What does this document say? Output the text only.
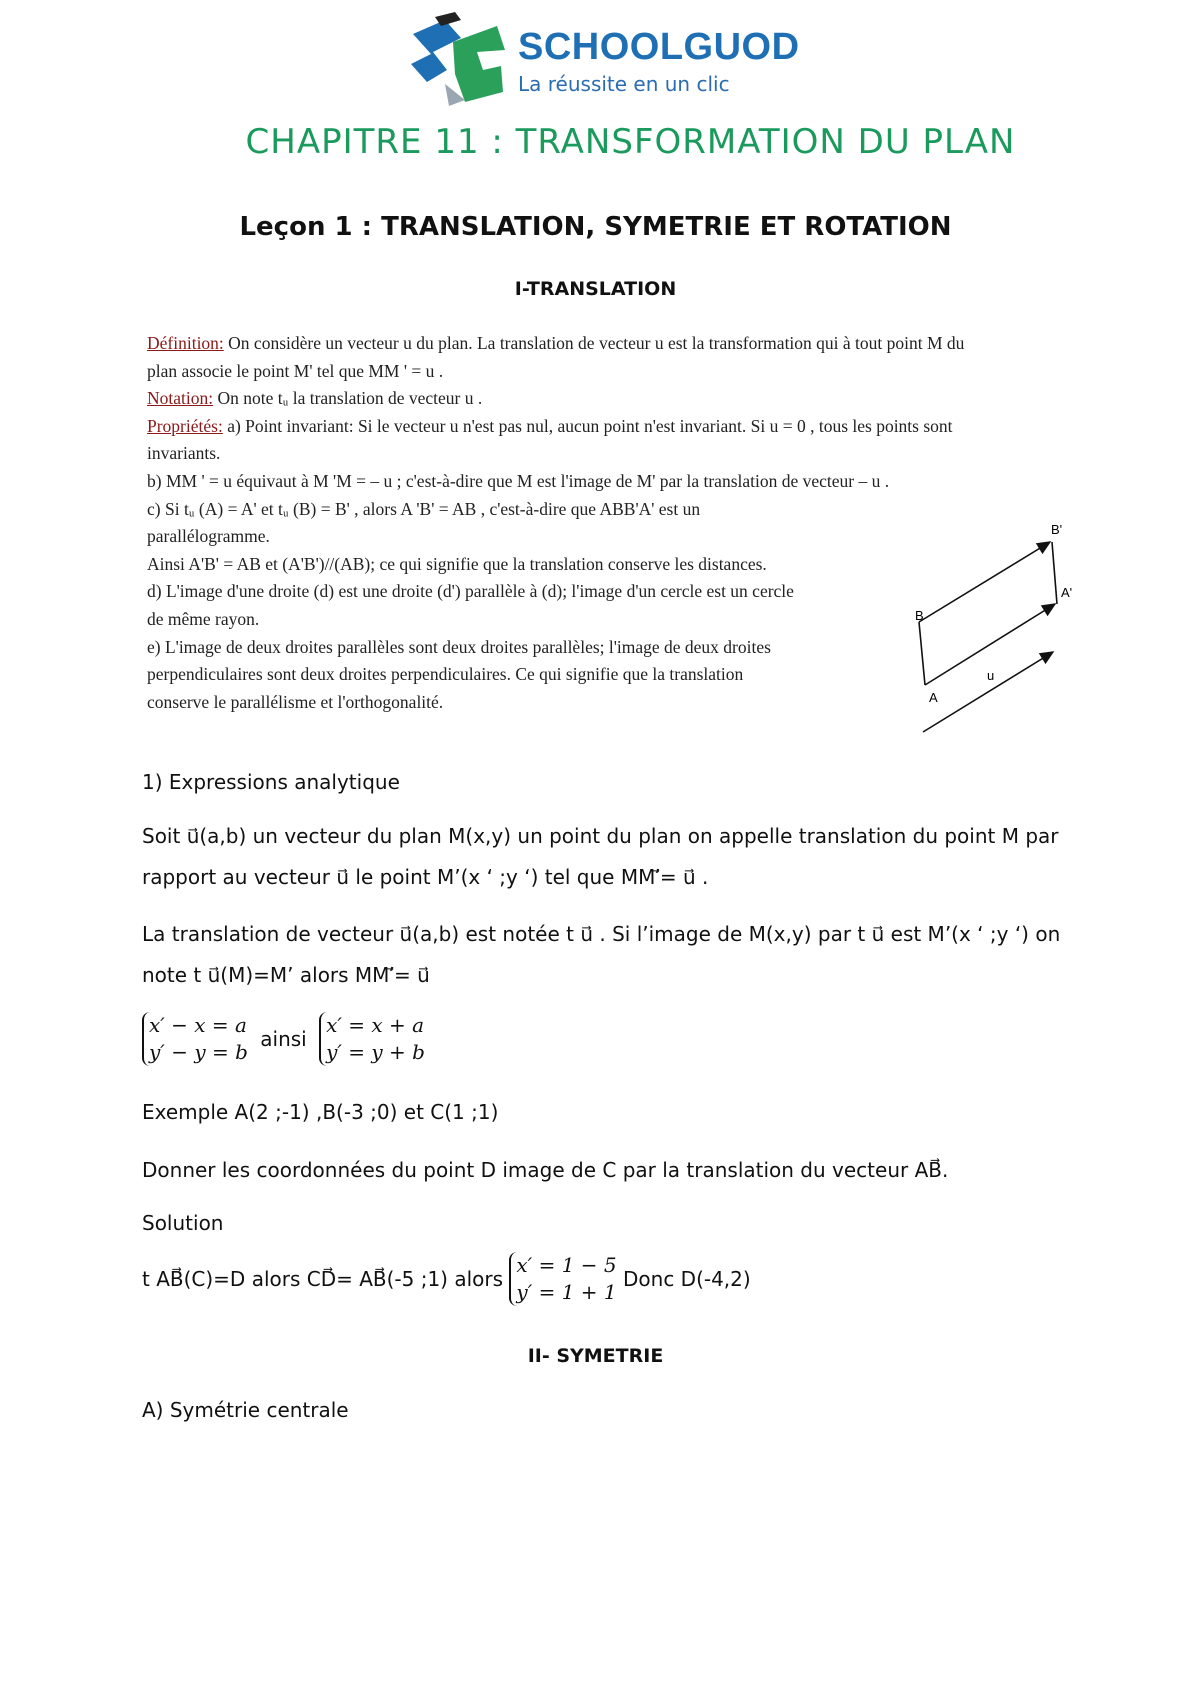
SCHOOLGUOD
La réussite en un clic
CHAPITRE 11 : TRANSFORMATION DU PLAN
Leçon 1 : TRANSLATION, SYMETRIE ET ROTATION
I-TRANSLATION
Définition: On considère un vecteur u du plan. La translation de vecteur u est la transformation qui à tout point M du
plan associe le point M' tel que MM ' = u .
Notation: On note tᵤ la translation de vecteur u .
Propriétés: a) Point invariant: Si le vecteur u n'est pas nul, aucun point n'est invariant. Si u = 0 , tous les points sont
invariants.
b) MM ' = u équivaut à M 'M = – u ; c'est-à-dire que M est l'image de M' par la translation de vecteur – u .
c) Si tᵤ (A) = A' et tᵤ (B) = B' , alors A 'B' = AB , c'est-à-dire que ABB'A' est un
parallélogramme.
Ainsi A'B' = AB et (A'B')//(AB); ce qui signifie que la translation conserve les distances.
d) L'image d'une droite (d) est une droite (d') parallèle à (d); l'image d'un cercle est un cercle
de même rayon.
e) L'image de deux droites parallèles sont deux droites parallèles; l'image de deux droites
perpendiculaires sont deux droites perpendiculaires. Ce qui signifie que la translation
conserve le parallélisme et l'orthogonalité.
B'
A'
B
A
u
1) Expressions analytique
Soit u⃗(a,b) un vecteur du plan M(x,y) un point du plan on appelle translation du point M par
rapport au vecteur u⃗ le point M’(x ‘ ;y ‘) tel que MM′⃗= u⃗ .
La translation de vecteur u⃗(a,b) est notée t u⃗ . Si l’image de M(x,y) par t u⃗ est M’(x ‘ ;y ‘) on
note t u⃗(M)=M’ alors MM′⃗= u⃗
x′ − x = a
y′ − y = b
ainsi
x′ = x + a
y′ = y + b
Exemple A(2 ;-1) ,B(-3 ;0) et C(1 ;1)
Donner les coordonnées du point D image de C par la translation du vecteur AB⃗.
Solution
t AB⃗(C)=D alors CD⃗= AB⃗(-5 ;1) alors
x′ = 1 − 5
y′ = 1 + 1
Donc D(-4,2)
II- SYMETRIE
A) Symétrie centrale
